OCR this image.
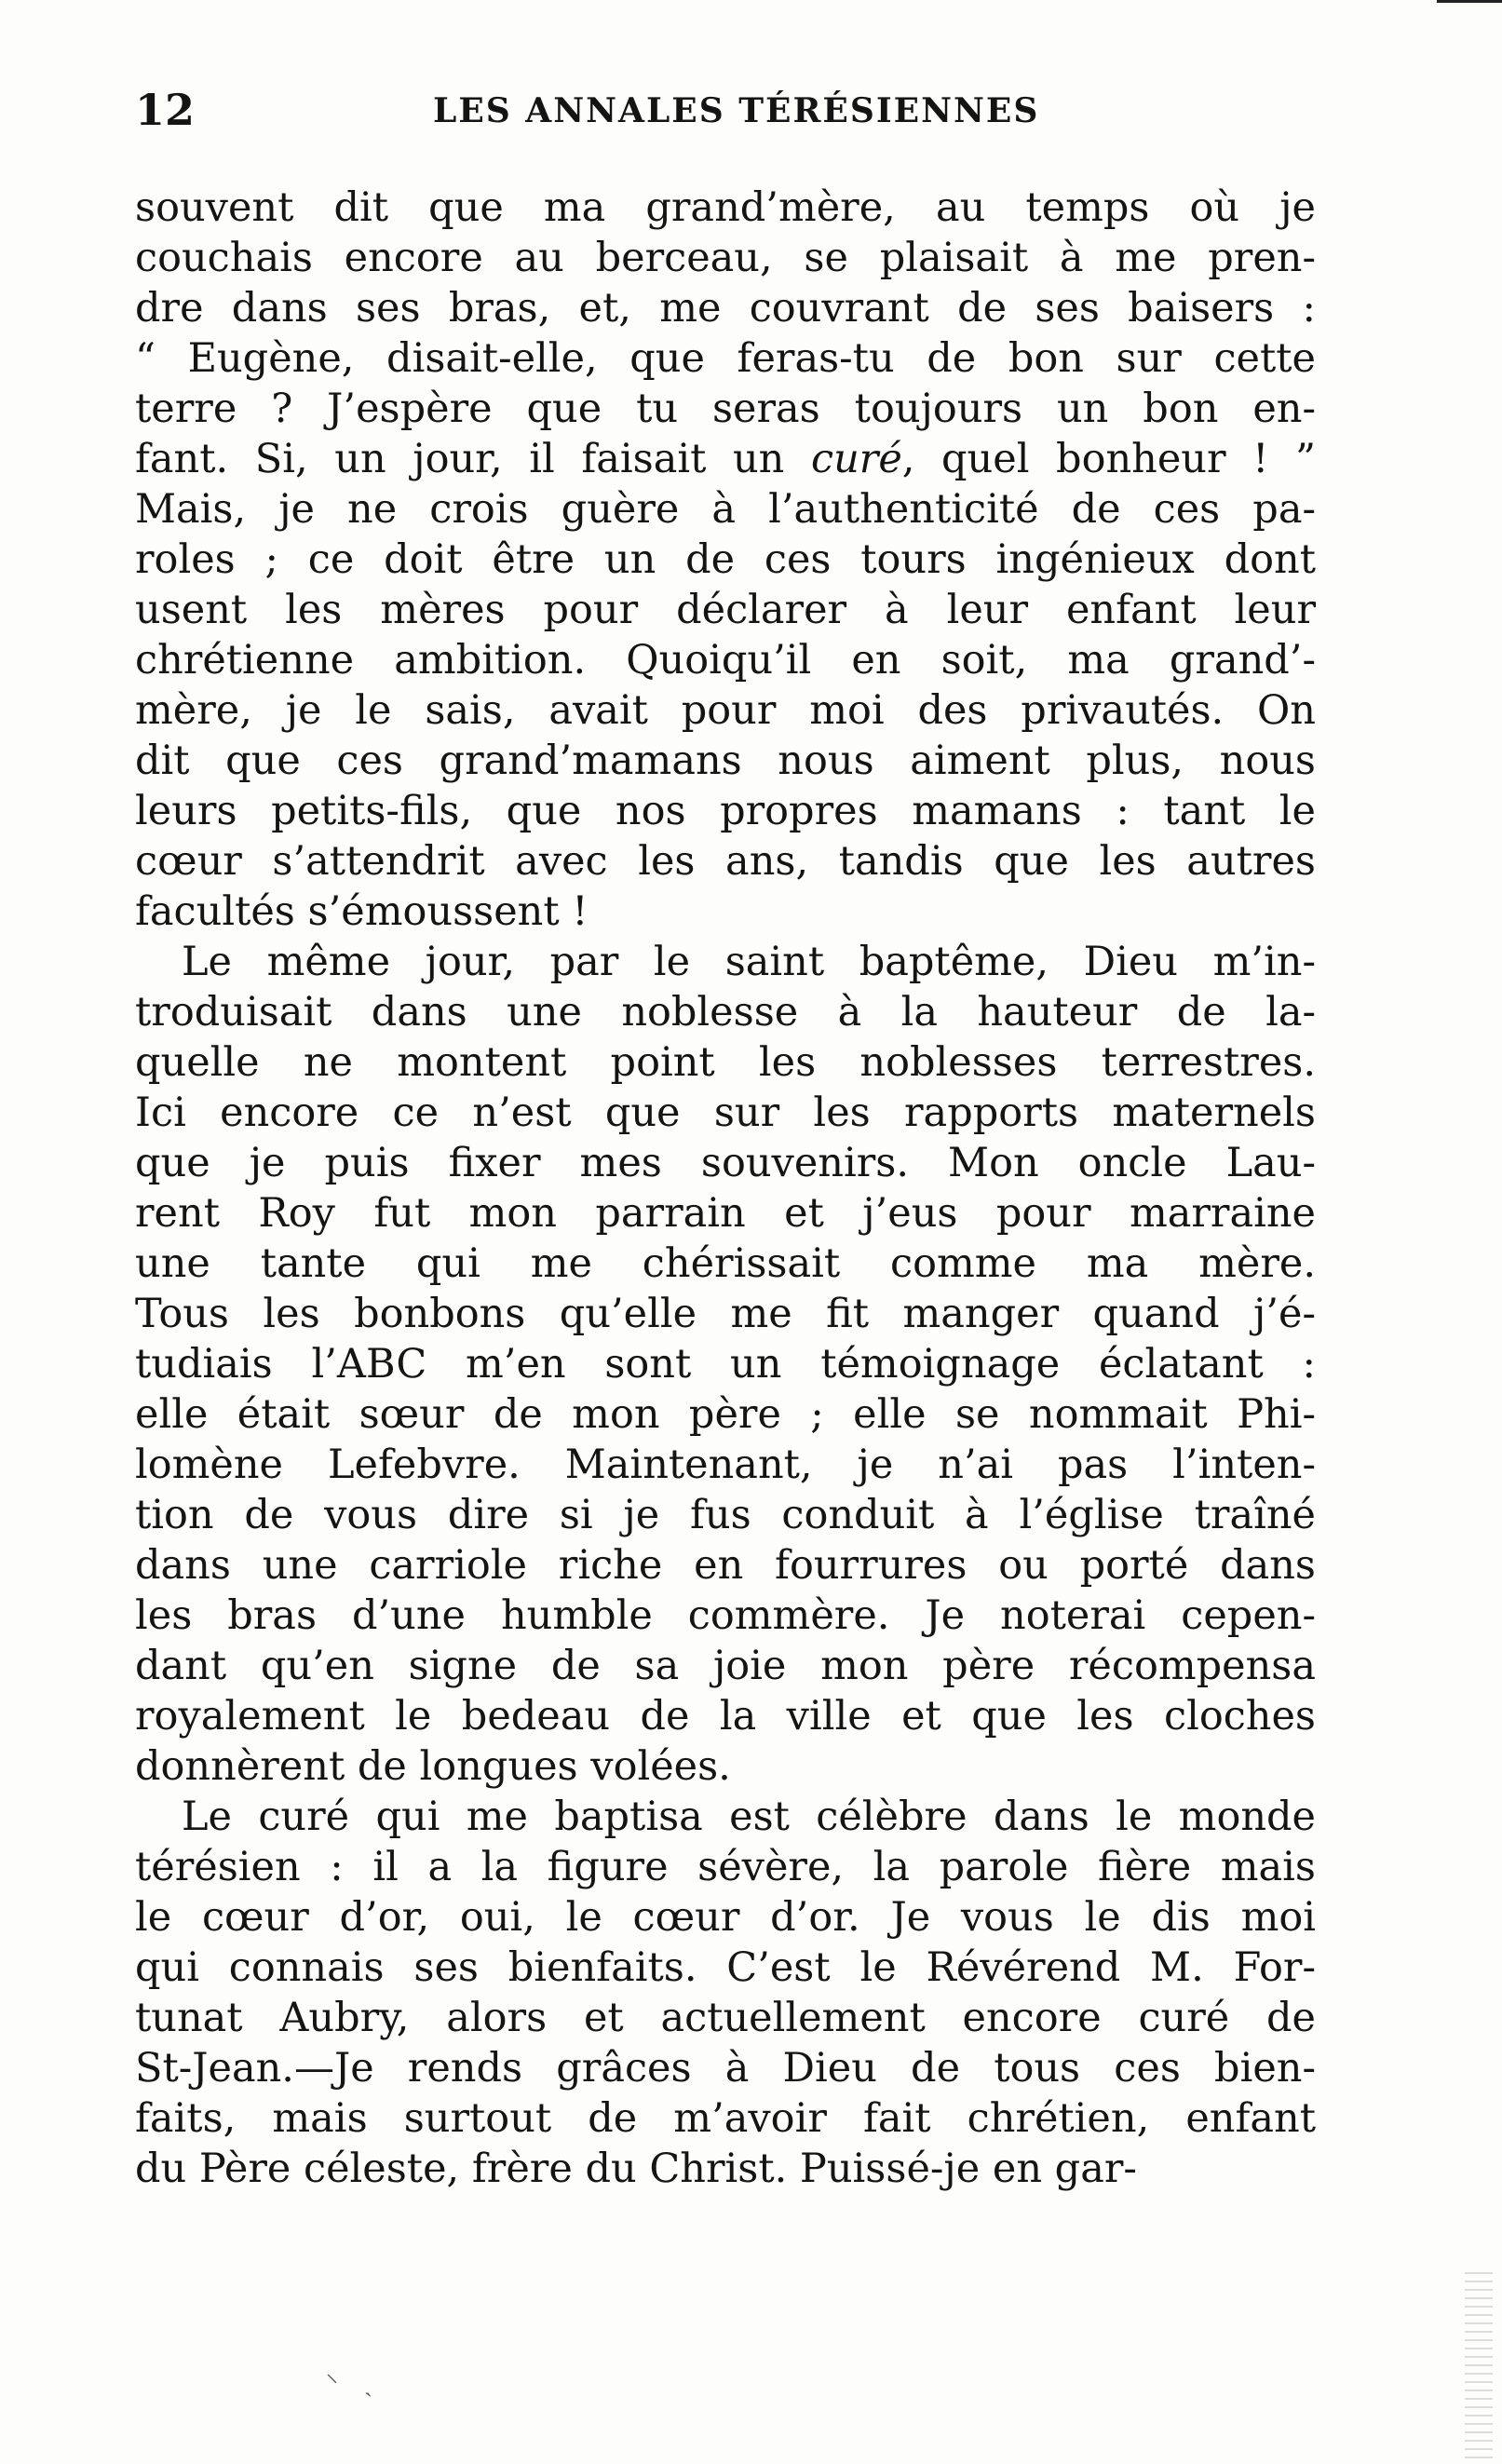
12	LES ANNALES TÉRÉSIENNES
souvent dit que ma grand’mère, au temps où je
couchais encore au berceau, se plaisait à me pren-
dre dans ses bras, et, me couvrant de ses baisers :
“ Eugène, disait-elle, que feras-tu de bon sur cette
terre ? J’espère que tu seras toujours un bon en-
fant. Si, un jour, il faisait un curé, quel bonheur ! ”
Mais, je ne crois guère à l’authenticité de ces pa-
roles ; ce doit être un de ces tours ingénieux dont
usent les mères pour déclarer à leur enfant leur
chrétienne ambition. Quoiqu’il en soit, ma grand’-
mère, je le sais, avait pour moi des privautés. On
dit que ces grand’mamans nous aiment plus, nous
leurs petits-fils, que nos propres mamans : tant le
cœur s’attendrit avec les ans, tandis que les autres
facultés s’émoussent !
Le même jour, par le saint baptême, Dieu m’in-
troduisait dans une noblesse à la hauteur de la-
quelle ne montent point les noblesses terrestres.
Ici encore ce n’est que sur les rapports maternels
que je puis fixer mes souvenirs. Mon oncle Lau-
rent Roy fut mon parrain et j’eus pour marraine
une tante qui me chérissait comme ma mère.
Tous les bonbons qu’elle me fit manger quand j’é-
tudiais l’ABC m’en sont un témoignage éclatant :
elle était sœur de mon père ; elle se nommait Phi-
lomène Lefebvre. Maintenant, je n’ai pas l’inten-
tion de vous dire si je fus conduit à l’église traîné
dans une carriole riche en fourrures ou porté dans
les bras d’une humble commère. Je noterai cepen-
dant qu’en signe de sa joie mon père récompensa
royalement le bedeau de la ville et que les cloches
donnèrent de longues volées.
Le curé qui me baptisa est célèbre dans le monde
térésien : il a la figure sévère, la parole fière mais
le cœur d’or, oui, le cœur d’or. Je vous le dis moi
qui connais ses bienfaits. C’est le Révérend M. For-
tunat Aubry, alors et actuellement encore curé de
St-Jean.—Je rends grâces à Dieu de tous ces bien-
faits, mais surtout de m’avoir fait chrétien, enfant
du Père céleste, frère du Christ. Puissé-je en gar-
⸌ ˎ
